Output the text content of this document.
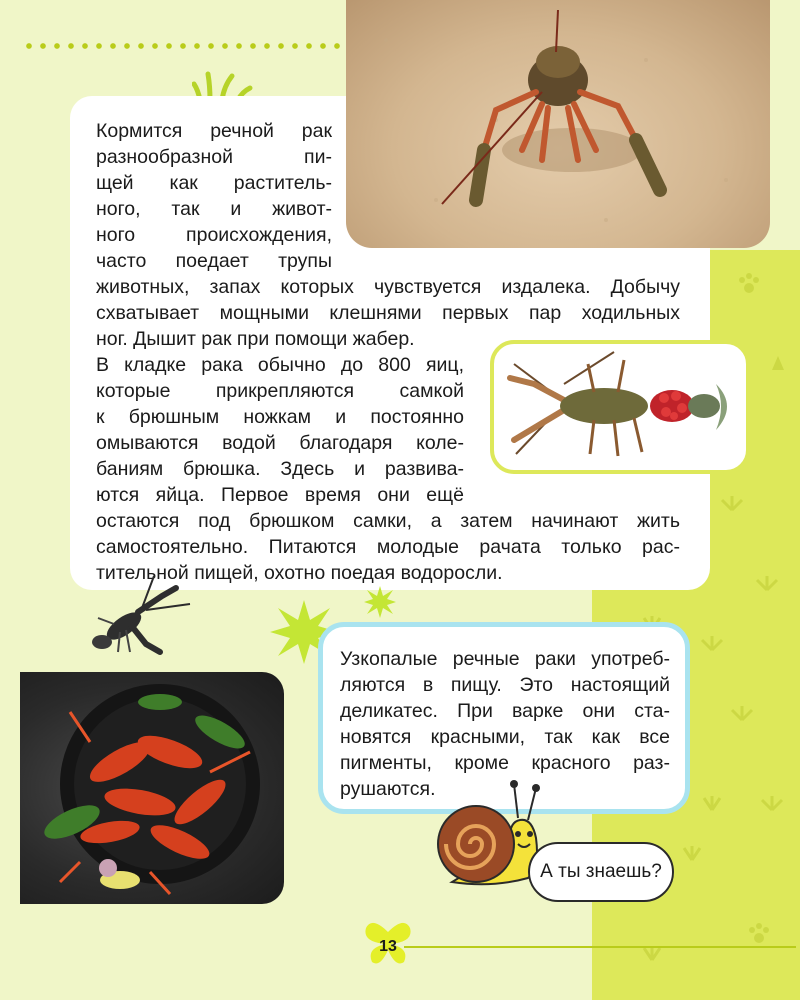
Кормится речной рак

разнообразной пи-

щей как раститель-

ного, так и живот-

ного происхождения,

часто поедает трупы

животных, запах которых чувствуется издалека. Добычу

схватывает мощными клешнями первых пар ходильных

ног. Дышит рак при помощи жабер.

В кладке рака обычно до 800 яиц,

которые прикрепляются самкой

к брюшным ножкам и постоянно

омываются водой благодаря коле-

баниям брюшка. Здесь и развива-

ются яйца. Первое время они ещё

остаются под брюшком самки, а затем начинают жить

самостоятельно. Питаются молодые рачата только рас-

тительной пищей, охотно поедая водоросли.

Узкопалые речные раки употреб-

ляются в пищу. Это настоящий

деликатес. При варке они ста-

новятся красными, так как все

пигменты, кроме красного раз-

рушаются.

А ты знаешь?
13
